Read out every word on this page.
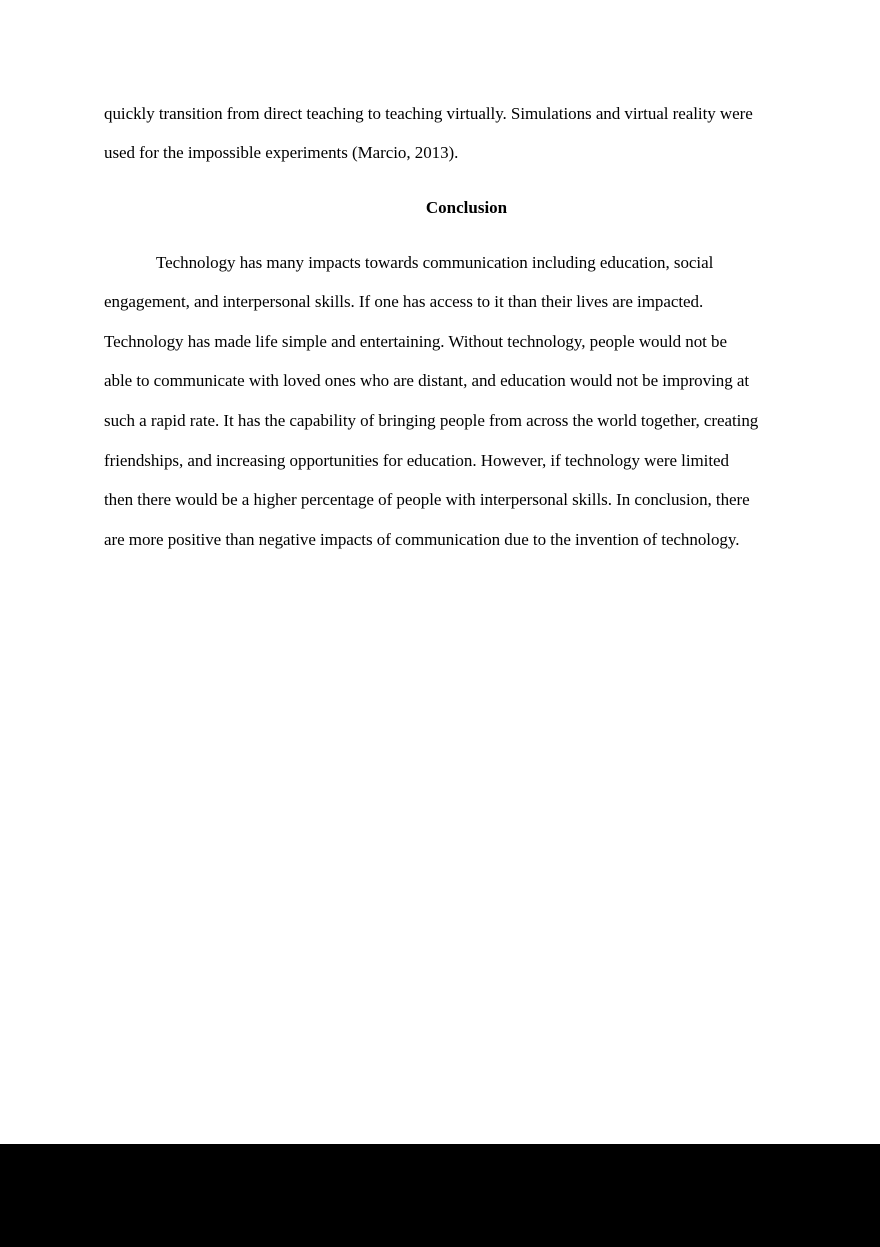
quickly transition from direct teaching to teaching virtually. Simulations and virtual reality were
used for the impossible experiments (Marcio, 2013).
Conclusion
Technology has many impacts towards communication including education, social
engagement, and interpersonal skills. If one has access to it than their lives are impacted.
Technology has made life simple and entertaining. Without technology, people would not be
able to communicate with loved ones who are distant, and education would not be improving at
such a rapid rate. It has the capability of bringing people from across the world together, creating
friendships, and increasing opportunities for education. However, if technology were limited
then there would be a higher percentage of people with interpersonal skills. In conclusion, there
are more positive than negative impacts of communication due to the invention of technology.
